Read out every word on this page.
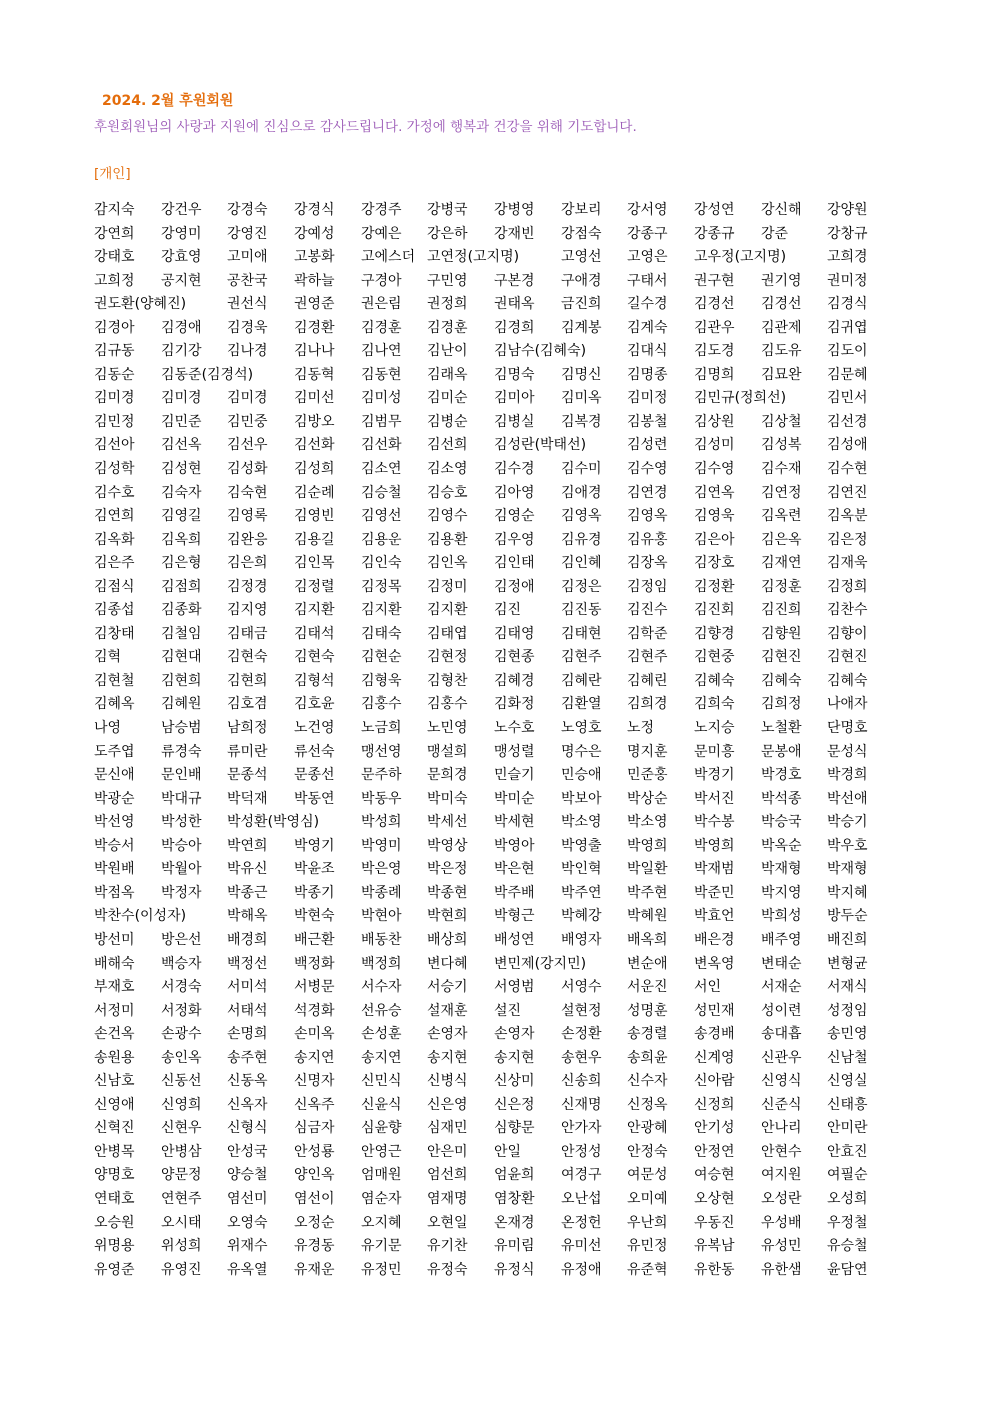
2024. 2월 후원회원
후원회원님의 사랑과 지원에 진심으로 감사드립니다. 가정에 행복과 건강을 위해 기도합니다.
[개인]
감지숙 강건우 강경숙 강경식 강경주 강병국 강병영 강보리 강서영 강성연 강신해 강양원
강연희 강영미 강영진 강예성 강예은 강은하 강재빈 강점숙 강종구 강종규 강준	강창규
강태호 강효영 고미애 고봉화 고에스더 고연정(고지명)	고영선 고영은 고우정(고지명)	고희경
고희정 공지현 공찬국 곽하늘 구경아 구민영 구본경 구애경 구태서 권구현 권기영 권미정
권도환(양혜진)	권선식 권영준 권은림 권정희 권태옥 금진희 길수경 김경선 김경선 김경식
김경아 김경애 김경욱 김경환 김경훈 김경훈 김경희 김계봉 김계숙 김관우 김관제 김귀엽
김규동 김기강 김나경 김나나 김나연 김난이 김남수(김혜숙)	김대식 김도경 김도유 김도이
김동순 김동준(김경석)	김동혁 김동현 김래옥 김명숙 김명신 김명종 김명희 김묘완 김문혜
김미경 김미경 김미경 김미선 김미성 김미순 김미아 김미옥 김미정 김민규(정희선)	김민서
김민정 김민준 김민중 김방오 김범무 김병순 김병실 김복경 김봉철 김상원 김상철 김선경
김선아 김선옥 김선우 김선화 김선화 김선희 김성란(박태선)	김성련 김성미 김성복 김성애
김성학 김성현 김성화 김성희 김소연 김소영 김수경 김수미 김수영 김수영 김수재 김수현
김수호 김숙자 김숙현 김순례 김승철 김승호 김아영 김애경 김연경 김연옥 김연정 김연진
김연희 김영길 김영록 김영빈 김영선 김영수 김영순 김영옥 김영옥 김영욱 김옥련 김옥분
김옥화 김옥희 김완응 김용길 김용운 김용환 김우영 김유경 김유홍 김은아 김은옥 김은정
김은주 김은형 김은희 김인목 김인숙 김인옥 김인태 김인혜 김장옥 김장호 김재연 김재욱
김점식 김점희 김정경 김정렬 김정목 김정미 김정애 김정은 김정임 김정환 김정훈 김정희
김종섭 김종화 김지영 김지환 김지환 김지환 김진	김진동 김진수 김진회 김진희 김찬수
김창태 김철임 김태금 김태석 김태숙 김태엽 김태영 김태현 김학준 김향경 김향원 김향이
김혁	김현대 김현숙 김현숙 김현순 김현정 김현종 김현주 김현주 김현중 김현진 김현진
김현철 김현희 김현희 김형석 김형욱 김형찬 김혜경 김혜란 김혜린 김혜숙 김혜숙 김혜숙
김혜옥 김혜원 김호겸 김호윤 김홍수 김홍수 김화정 김환열 김희경 김희숙 김희정 나애자
나영	남승범 남희정 노건영 노금희 노민영 노수호 노영호 노정	노지승 노철환 단명호
도주엽 류경숙 류미란 류선숙 맹선영 맹설희 맹성렬 명수은 명지훈 문미흥 문봉애 문성식
문신애 문인배 문종석 문종선 문주하 문희경 민슬기 민승애 민준홍 박경기 박경호 박경희
박광순 박대규 박덕재 박동연 박동우 박미숙 박미순 박보아 박상순 박서진 박석종 박선애
박선영 박성한 박성환(박영심)	박성희 박세선 박세현 박소영 박소영 박수봉 박승국 박승기
박승서 박승아 박연희 박영기 박영미 박영상 박영아 박영출 박영희 박영희 박옥순 박우호
박원배 박월아 박유신 박윤조 박은영 박은정 박은현 박인혁 박일환 박재범 박재형 박재형
박점옥 박정자 박종근 박종기 박종례 박종현 박주배 박주연 박주현 박준민 박지영 박지혜
박찬수(이성자)	박해옥 박현숙 박현아 박현희 박형근 박혜강 박혜원 박효언 박희성 방두순
방선미 방은선 배경희 배근환 배동찬 배상희 배성연 배영자 배옥희 배은경 배주영 배진희
배해숙 백승자 백정선 백정화 백정희 변다혜 변민제(강지민)	변순애 변옥영 변태순 변형균
부재호 서경숙 서미석 서병문 서수자 서승기 서영범 서영수 서운진 서인	서재순 서재식
서정미 서정화 서태석 석경화 선유승 설재훈 설진	설현정 성명훈 성민재 성이련 성정임
손건옥 손광수 손명희 손미옥 손성훈 손영자 손영자 손정환 송경렬 송경배 송대흡 송민영
송원용 송인옥 송주현 송지연 송지연 송지현 송지현 송현우 송희윤 신계영 신관우 신남철
신남호 신동선 신동옥 신명자 신민식 신병식 신상미 신송희 신수자 신아람 신영식 신영실
신영애 신영희 신옥자 신옥주 신윤식 신은영 신은정 신재명 신정옥 신정희 신준식 신태흥
신혁진 신현우 신형식 심금자 심윤향 심재민 심향문 안가자 안광혜 안기성 안나리 안미란
안병목 안병삼 안성국 안성룡 안영근 안은미 안일	안정성 안정숙 안정연 안현수 안효진
양명호 양문정 양승철 양인옥 엄매원 엄선희 엄윤희 여경구 여문성 여승현 여지원 여필순
연태호 연현주 염선미 염선이 염순자 염재명 염창환 오난섭 오미예 오상현 오성란 오성희
오승원 오시태 오영숙 오정순 오지혜 오현일 온재경 온정헌 우난희 우동진 우성배 우정철
위명용 위성희 위재수 유경동 유기문 유기찬 유미림 유미선 유민정 유복남 유성민 유승철
유영준 유영진 유옥열 유재운 유정민 유정숙 유정식 유정애 유준혁 유한동 유한샘 윤담연
